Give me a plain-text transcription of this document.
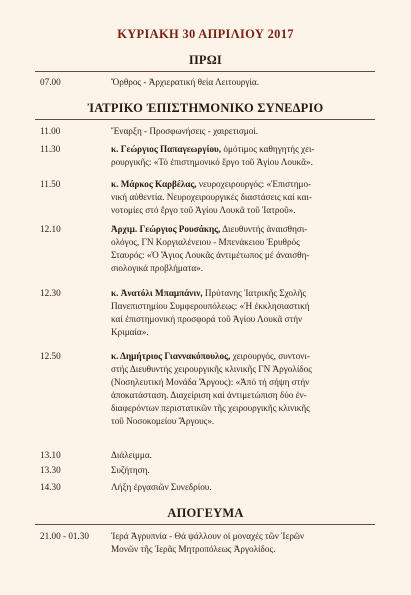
ΚΥΡΙΑΚΗ 30 ΑΠΡΙΛΙΟΥ 2017
ΠΡΩΙ
ἸΑΤΡΙΚΟ ἘΠΙΣΤΗΜΟΝΙΚΟ ΣΥΝΕΔΡΙΟ
ΑΠΟΓΕΥΜΑ
07.00	Ὄρθρος - Ἀρχιερατική θεία Λειτουργία.
11.00	Ἔναρξη - Προσφωνήσεις - χαιρετισμοί.
11.30	κ. Γεώργιος Παπαγεωργίου, ὁμότιμος καθηγητής χει-
ρουργικῆς: «Τό ἐπιστημονικό ἔργο τοῦ Ἁγίου Λουκᾶ».
11.50	κ. Μάρκος Καρβέλας, νευροχειρουργός: «Ἐπιστημο-
νική αὐθεντία. Νευροχειρουργικές διαστάσεις καί και-
νοτομίες στό ἔργο τοῦ Ἁγίου Λουκᾶ τοῦ Ἰατροῦ».
12.10	Ἀρχιμ. Γεώργιος Ρουσάκης, Διευθυντής ἀναισθησι-
ολόγος, ΓΝ Κοργιαλένειου - Μπενάκειου Ἐρυθρός
Σταυρός: «Ὁ Ἅγιος Λουκᾶς ἀντιμέτωπος μέ ἀναισθη-
σιολογικά προβλήματα».
12.30	κ. Ἀνατόλι Μπαμπάνιν, Πρύτανης Ἰατρικῆς Σχολῆς
Πανεπιστημίου Συμφερουπόλεως: «Ἡ ἐκκλησιαστική
καί ἐπιστημονική προσφορά τοῦ Ἁγίου Λουκᾶ στήν
Κριμαία».
12.50	κ. Δημήτριος Γιαννακόπουλος, χειρουργός, συντονι-
στής Διευθυντής χειρουργικῆς κλινικῆς ΓΝ Ἀργολίδος
(Νοσηλευτική Μονάδα Ἄργους): «Ἀπό τή σήψη στήν
ἀποκατάσταση. Διαχείριση καί ἀντιμετώπιση δύο ἐν-
διαφερόντων περιστατικῶν τῆς χειρουργικῆς κλινικῆς
τοῦ Νοσοκομείου Ἄργους».
13.10	Διάλειμμα.
13.30	Συζήτηση.
14.30	Λήξη ἐργασιῶν Συνεδρίου.
21.00 - 01.30	Ἱερά Ἀγρυπνία - Θά ψάλλουν οἱ μοναχές τῶν Ἱερῶν
Μονῶν τῆς Ἱερᾶς Μητροπόλεως Ἀργολίδος.
